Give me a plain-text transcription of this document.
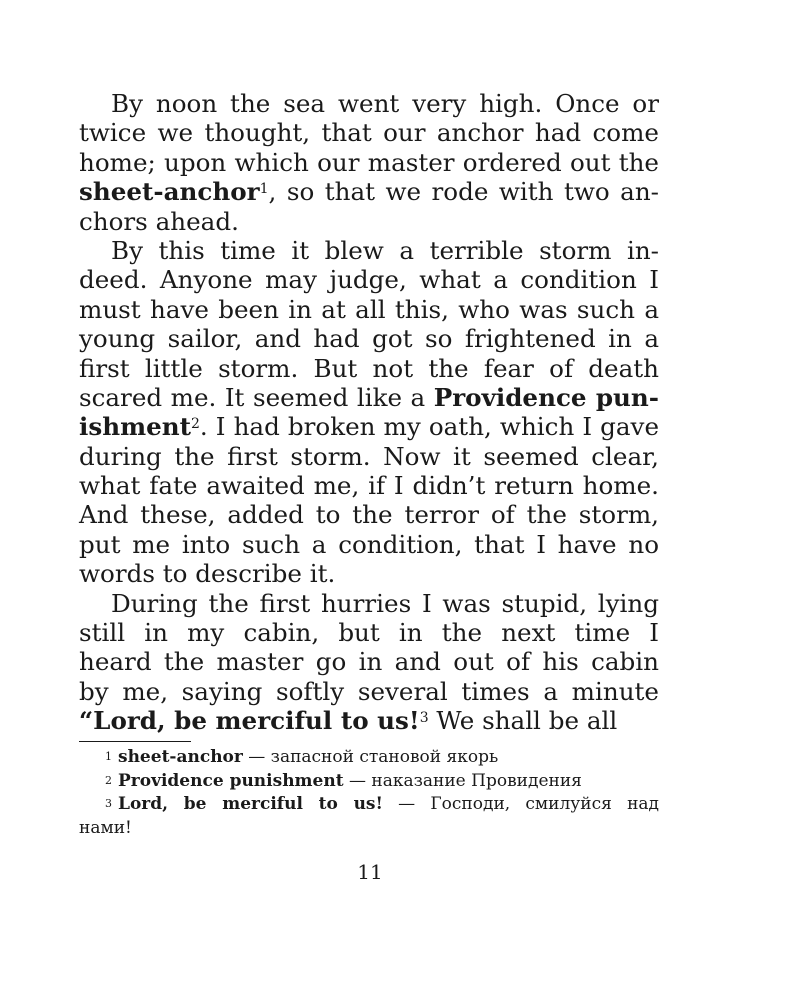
By noon the sea went very high. Once or
twice we thought, that our anchor had come
home; upon which our master ordered out the
sheet-anchor$^1$, so that we rode with two an-
chors ahead.

By this time it blew a terrible storm in-
deed. Anyone may judge, what a condition I
must have been in at all this, who was such a
young sailor, and had got so frightened in a
first little storm. But not the fear of death
scared me. It seemed like a Providence pun-
ishment$^2$. I had broken my oath, which I gave
during the first storm. Now it seemed clear,
what fate awaited me, if I didn’t return home.
And these, added to the terror of the storm,
put me into such a condition, that I have no
words to describe it.

During the first hurries I was stupid, lying
still in my cabin, but in the next time I
heard the master go in and out of his cabin
by me, saying softly several times a minute
“Lord, be merciful to us!$^3$ We shall be all

$^1$ sheet-anchor — запасной становой якорь
$^2$ Providence punishment — наказание Провидения
$^3$ Lord, be merciful to us! — Господи, смилуйся над
нами!
11
